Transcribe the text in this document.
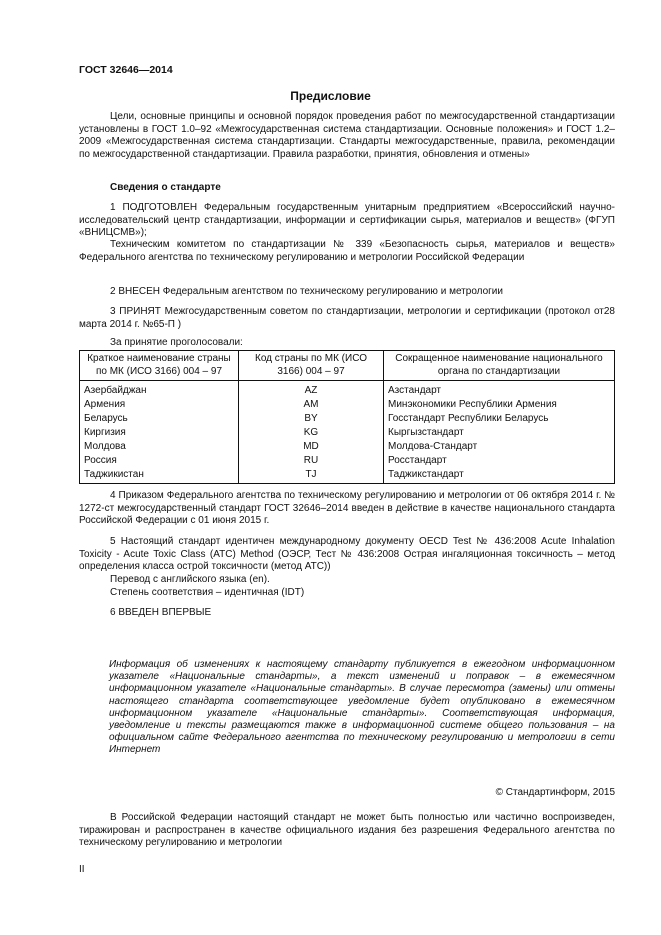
ГОСТ 32646—2014
Предисловие
Цели, основные принципы и основной порядок проведения работ по межгосударственной стандартизации установлены в ГОСТ 1.0–92 «Межгосударственная система стандартизации. Основные положения» и ГОСТ 1.2–2009 «Межгосударственная система стандартизации. Стандарты межгосударственные, правила, рекомендации по межгосударственной стандартизации. Правила разработки, принятия, обновления и отмены»
Сведения о стандарте
1 ПОДГОТОВЛЕН Федеральным государственным унитарным предприятием «Всероссийский научно-исследовательский центр стандартизации, информации и сертификации сырья, материалов и веществ» (ФГУП «ВНИЦСМВ»);
Техническим комитетом по стандартизации № 339 «Безопасность сырья, материалов и веществ» Федерального агентства по техническому регулированию и метрологии Российской Федерации
2 ВНЕСЕН Федеральным агентством по техническому регулированию и метрологии
3 ПРИНЯТ Межгосударственным советом по стандартизации, метрологии и сертификации (протокол от28 марта 2014 г. №65-П )
За принятие проголосовали:
Краткое наименование страны по МК (ИСО 3166) 004 – 97	Код страны по МК (ИСО 3166) 004 – 97	Сокращенное наименование национального органа по стандартизации
Азербайджан	AZ	Азстандарт
Армения	AM	Минэкономики Республики Армения
Беларусь	BY	Госстандарт Республики Беларусь
Киргизия	KG	Кыргызстандарт
Молдова	MD	Молдова-Стандарт
Россия	RU	Росстандарт
Таджикистан	TJ	Таджикстандарт
4 Приказом Федерального агентства по техническому регулированию и метрологии от 06 октября 2014 г. № 1272-ст межгосударственный стандарт ГОСТ 32646–2014 введен в действие в качестве национального стандарта Российской Федерации с 01 июня 2015 г.
5 Настоящий стандарт идентичен международному документу OECD Test № 436:2008 Acute Inhalation Toxicity - Acute Toxic Class (ATC) Method (ОЭСР, Тест № 436:2008 Острая ингаляционная токсичность – метод определения класса острой токсичности (метод АТС))
Перевод с английского языка (en).
Степень соответствия – идентичная (IDT)
6 ВВЕДЕН ВПЕРВЫЕ
Информация об изменениях к настоящему стандарту публикуется в ежегодном информационном указателе «Национальные стандарты», а текст изменений и поправок – в ежемесячном информационном указателе «Национальные стандарты». В случае пересмотра (замены) или отмены настоящего стандарта соответствующее уведомление будет опубликовано в ежемесячном информационном указателе «Национальные стандарты». Соответствующая информация, уведомление и тексты размещаются также в информационной системе общего пользования – на официальном сайте Федерального агентства по техническому регулированию и метрологии в сети Интернет
© Стандартинформ, 2015
В Российской Федерации настоящий стандарт не может быть полностью или частично воспроизведен, тиражирован и распространен в качестве официального издания без разрешения Федерального агентства по техническому регулированию и метрологии
II
